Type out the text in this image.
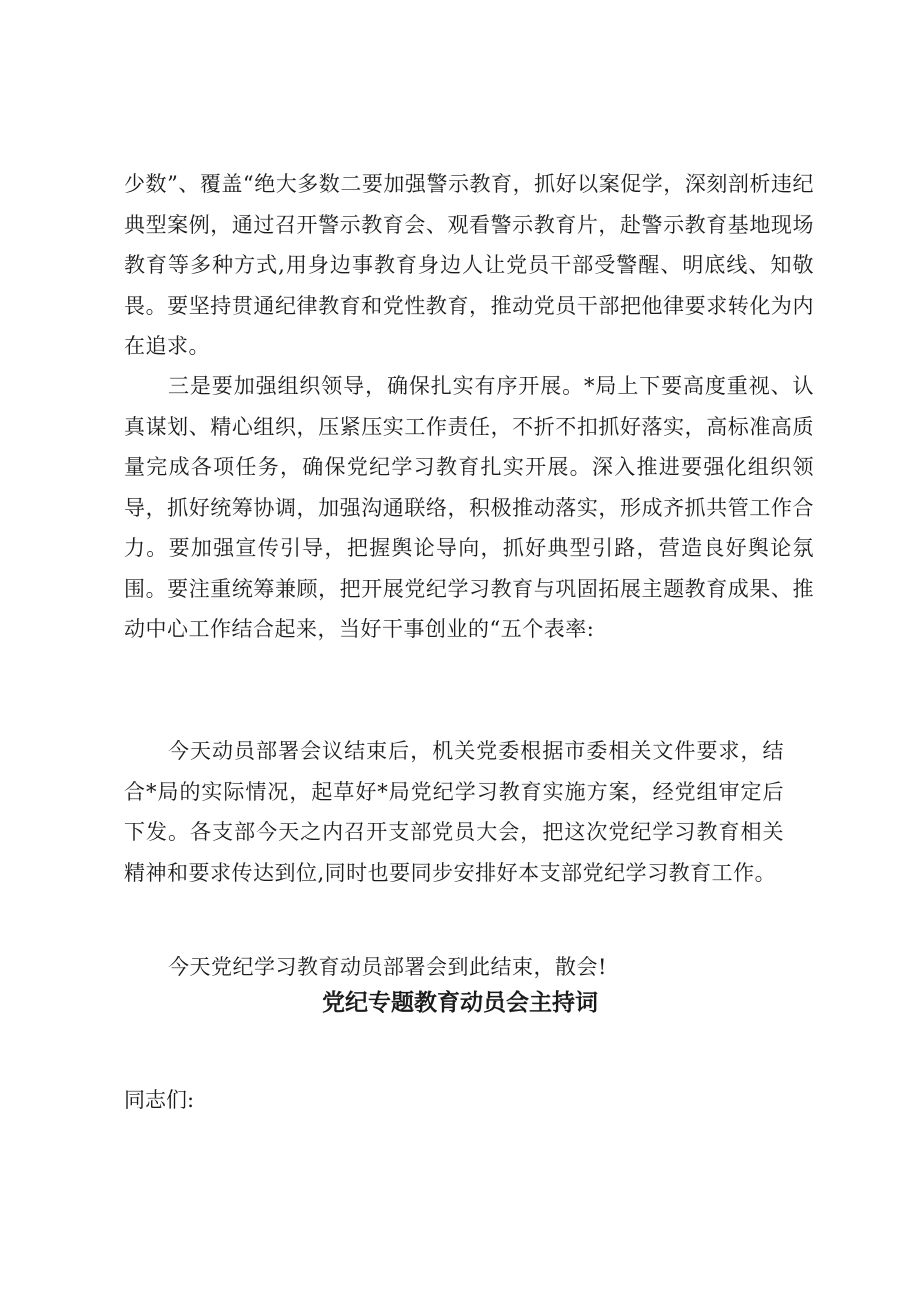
少数”、覆盖“绝大多数二要加强警示教育，抓好以案促学，深刻剖析违纪典型案例，通过召开警示教育会、观看警示教育片，赴警示教育基地现场教育等多种方式,用身边事教育身边人让党员干部受警醒、明底线、知敬畏。要坚持贯通纪律教育和党性教育，推动党员干部把他律要求转化为内在追求。

三是要加强组织领导，确保扎实有序开展。*局上下要高度重视、认真谋划、精心组织，压紧压实工作责任，不折不扣抓好落实，高标准高质量完成各项任务，确保党纪学习教育扎实开展。深入推进要强化组织领导，抓好统筹协调，加强沟通联络，积极推动落实，形成齐抓共管工作合力。要加强宣传引导，把握舆论导向，抓好典型引路，营造良好舆论氛围。要注重统筹兼顾，把开展党纪学习教育与巩固拓展主题教育成果、推动中心工作结合起来，当好干事创业的“五个表率:

今天动员部署会议结束后，机关党委根据市委相关文件要求，结合*局的实际情况，起草好*局党纪学习教育实施方案，经党组审定后下发。各支部今天之内召开支部党员大会，把这次党纪学习教育相关精神和要求传达到位,同时也要同步安排好本支部党纪学习教育工作。

今天党纪学习教育动员部署会到此结束，散会!

党纪专题教育动员会主持词

同志们:
